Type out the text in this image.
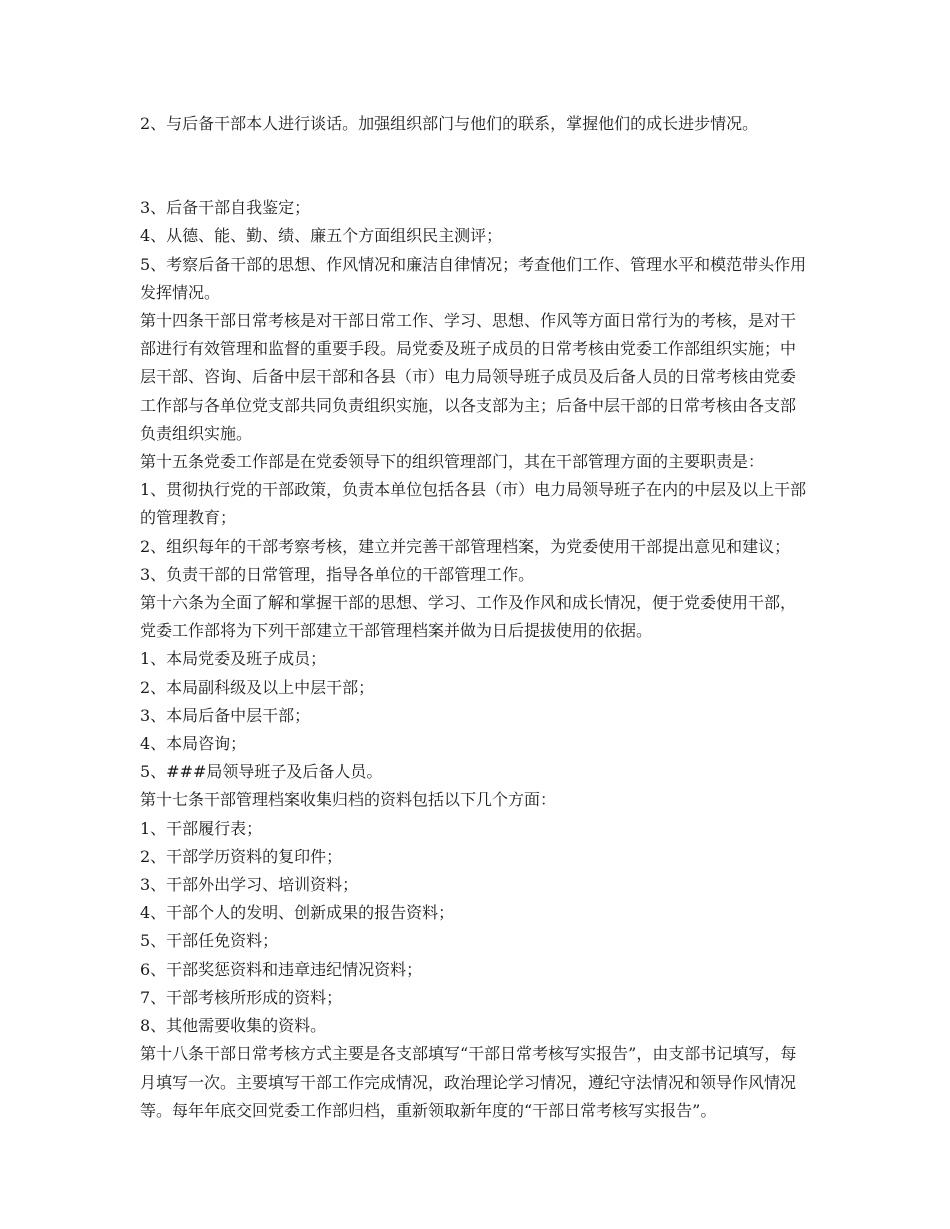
2、与后备干部本人进行谈话。加强组织部门与他们的联系，掌握他们的成长进步情况。

3、后备干部自我鉴定；

4、从德、能、勤、绩、廉五个方面组织民主测评；

5、考察后备干部的思想、作风情况和廉洁自律情况；考查他们工作、管理水平和模范带头作用发挥情况。

第十四条干部日常考核是对干部日常工作、学习、思想、作风等方面日常行为的考核，是对干部进行有效管理和监督的重要手段。局党委及班子成员的日常考核由党委工作部组织实施；中层干部、咨询、后备中层干部和各县（市）电力局领导班子成员及后备人员的日常考核由党委工作部与各单位党支部共同负责组织实施，以各支部为主；后备中层干部的日常考核由各支部负责组织实施。

第十五条党委工作部是在党委领导下的组织管理部门，其在干部管理方面的主要职责是：

1、贯彻执行党的干部政策，负责本单位包括各县（市）电力局领导班子在内的中层及以上干部的管理教育；

2、组织每年的干部考察考核，建立并完善干部管理档案，为党委使用干部提出意见和建议；

3、负责干部的日常管理，指导各单位的干部管理工作。

第十六条为全面了解和掌握干部的思想、学习、工作及作风和成长情况，便于党委使用干部，党委工作部将为下列干部建立干部管理档案并做为日后提拔使用的依据。

1、本局党委及班子成员；

2、本局副科级及以上中层干部；

3、本局后备中层干部；

4、本局咨询；

5、###局领导班子及后备人员。

第十七条干部管理档案收集归档的资料包括以下几个方面：

1、干部履行表；

2、干部学历资料的复印件；

3、干部外出学习、培训资料；

4、干部个人的发明、创新成果的报告资料；

5、干部任免资料；

6、干部奖惩资料和违章违纪情况资料；

7、干部考核所形成的资料；

8、其他需要收集的资料。

第十八条干部日常考核方式主要是各支部填写“干部日常考核写实报告”，由支部书记填写，每月填写一次。主要填写干部工作完成情况，政治理论学习情况，遵纪守法情况和领导作风情况等。每年年底交回党委工作部归档，重新领取新年度的“干部日常考核写实报告”。
